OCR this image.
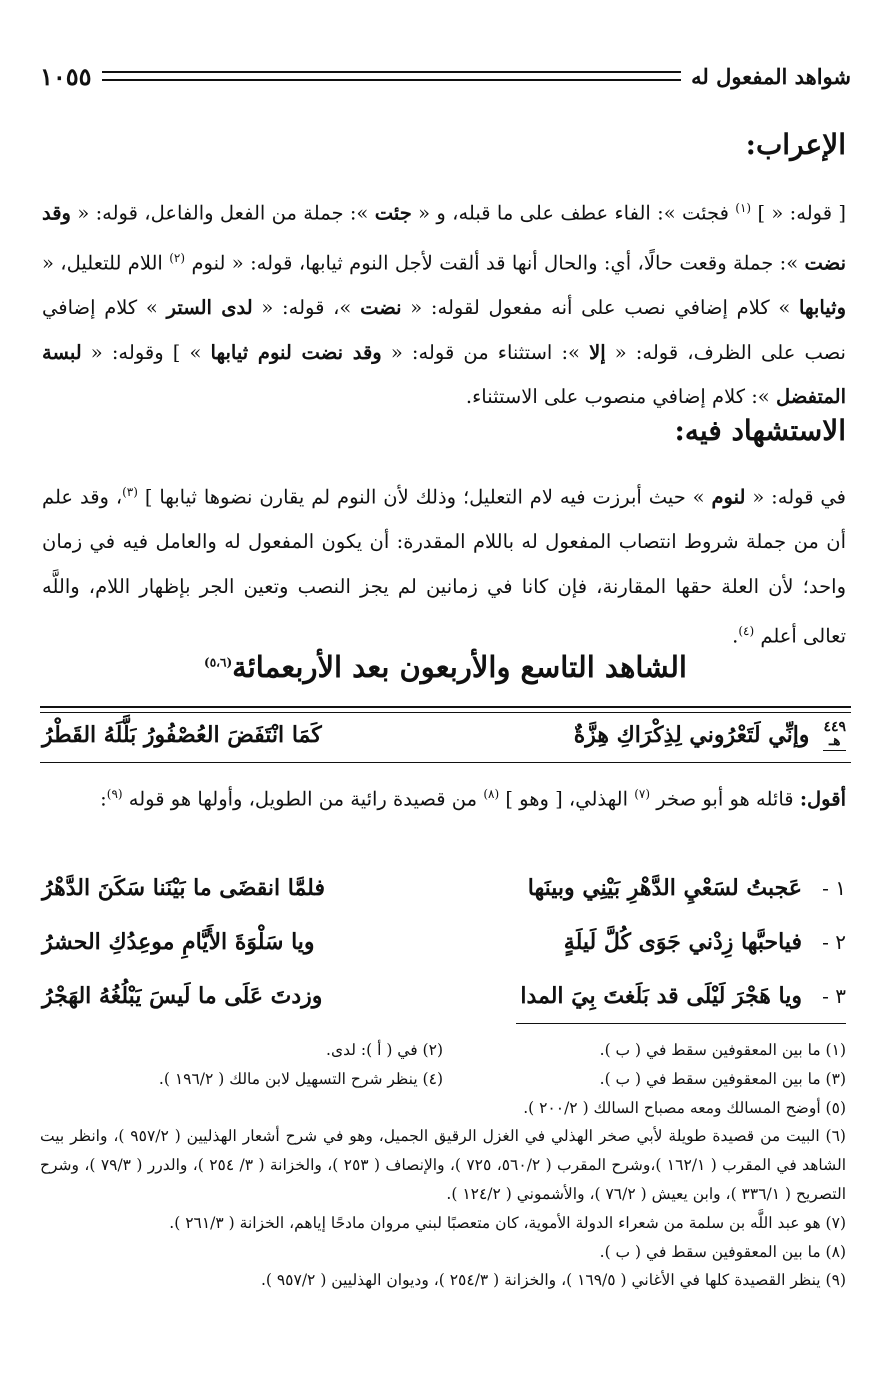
شواهد المفعول له
١٠٥٥
الإعراب:
[ قوله: « ] $^{(١)}$ فجئت »: الفاء عطف على ما قبله، و « جئت »: جملة من الفعل والفاعل، قوله: « وقد نضت »: جملة وقعت حالًا، أي: والحال أنها قد ألقت لأجل النوم ثيابها، قوله: « لنوم $^{(٢)}$ اللام للتعليل، « وثيابها » كلام إضافي نصب على أنه مفعول لقوله: « نضت »، قوله: « لدى الستر » كلام إضافي نصب على الظرف، قوله: « إلا »: استثناء من قوله: « وقد نضت لنوم ثيابها » ] وقوله: « لبسة المتفضل »: كلام إضافي منصوب على الاستثناء.
الاستشهاد فيه:
في قوله: « لنوم » حيث أبرزت فيه لام التعليل؛ وذلك لأن النوم لم يقارن نضوها ثيابها ] $^{(٣)}$، وقد علم أن من جملة شروط انتصاب المفعول له باللام المقدرة: أن يكون المفعول له والعامل فيه في زمان واحد؛ لأن العلة حقها المقارنة، فإن كانا في زمانين لم يجز النصب وتعين الجر بإظهار اللام، واللَّه تعالى أعلم $^{(٤)}$.
الشاهد التاسع والأربعون بعد الأربعمائة$^{(٥،٦)}$
٤٤٩
هـ
وإنِّي لَتَعْرُوني لِذِكْرَاكِ هِزَّةٌ
كَمَا انْتَفَضَ العُصْفُورُ بَلَّلَهُ القَطْرُ
أقول: قائله هو أبو صخر $^{(٧)}$ الهذلي، [ وهو ] $^{(٨)}$ من قصيدة رائية من الطويل، وأولها هو قوله $^{(٩)}$:
١ -
عَجبتُ لسَعْيِ الدَّهْرِ بَيْنِي وبينَها
فلمَّا انقضَى ما بَيْنَنا سَكَنَ الدَّهْرُ
٢ -
فياحبَّها زِدْني جَوَى كُلَّ لَيلَةٍ
ويا سَلْوَةَ الأَيَّامِ موعِدُكِ الحشرُ
٣ -
ويا هَجْرَ لَيْلَى قد بَلَغتَ بِيَ المدا
وزدتَ عَلَى ما لَيسَ يَبْلُغُهُ الهَجْرُ
(١) ما بين المعقوفين سقط في ( ب ).
(٢) في ( أ ): لدى.
(٣) ما بين المعقوفين سقط في ( ب ).
(٤) ينظر شرح التسهيل لابن مالك ( ١٩٦/٢ ).
(٥) أوضح المسالك ومعه مصباح السالك ( ٢٠٠/٢ ).
(٦) البيت من قصيدة طويلة لأبي صخر الهذلي في الغزل الرقيق الجميل، وهو في شرح أشعار الهذليين ( ٩٥٧/٢ )، وانظر بيت الشاهد في المقرب ( ١٦٢/١ )،وشرح المقرب ( ٥٦٠/٢، ٧٢٥ )، والإنصاف ( ٢٥٣ )، والخزانة ( ٣/ ٢٥٤ )، والدرر ( ٧٩/٣ )، وشرح التصريح ( ٣٣٦/١ )، وابن يعيش ( ٧٦/٢ )، والأشموني ( ١٢٤/٢ ).
(٧) هو عبد اللَّه بن سلمة من شعراء الدولة الأموية، كان متعصبًا لبني مروان مادحًا إياهم، الخزانة ( ٢٦١/٣ ).
(٨) ما بين المعقوفين سقط في ( ب ).
(٩) ينظر القصيدة كلها في الأغاني ( ١٦٩/٥ )، والخزانة ( ٢٥٤/٣ )، وديوان الهذليين ( ٩٥٧/٢ ).
